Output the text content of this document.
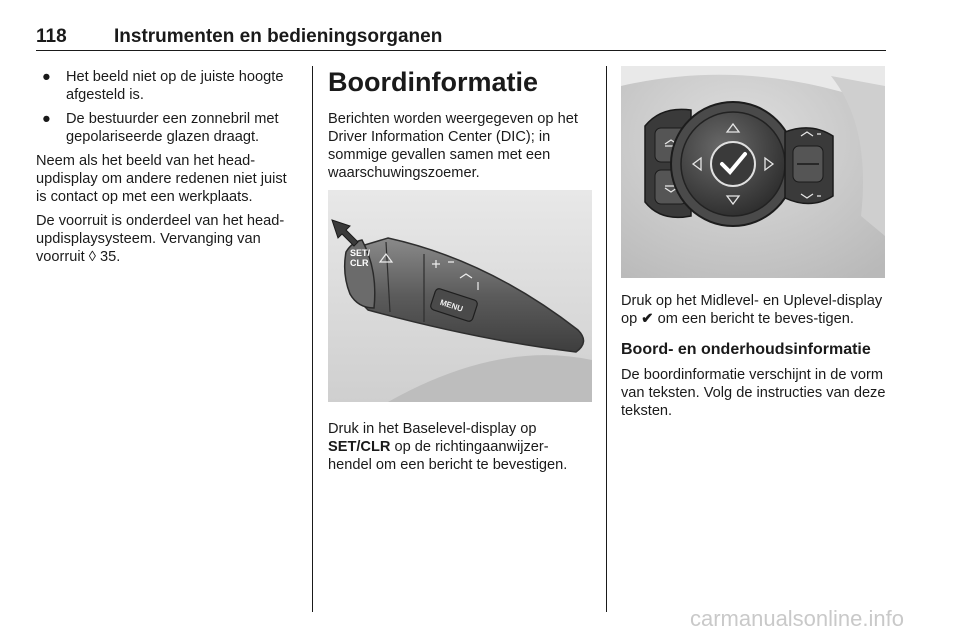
118 Instrumenten en bedieningsorganen
● Het beeld niet op de juiste hoogte afgesteld is.
● De bestuurder een zonnebril met gepolariseerde glazen draagt.

Neem als het beeld van het head-updisplay om andere redenen niet juist is contact op met een werkplaats.

De voorruit is onderdeel van het head-updisplaysysteem. Vervanging van voorruit ◊ 35.

Boordinformatie

Berichten worden weergegeven op het Driver Information Center (DIC); in sommige gevallen samen met een waarschuwingszoemer.

MENU
SET/
CLR
Druk in het Baselevel-display op SET/CLR op de richtingaanwijzer-hendel om een bericht te bevestigen.

Druk op het Midlevel- en Uplevel-display op ✔ om een bericht te beves-tigen.

Boord- en onderhoudsinformatie

De boordinformatie verschijnt in de vorm van teksten. Volg de instructies van deze teksten.

carmanualsonline.info
